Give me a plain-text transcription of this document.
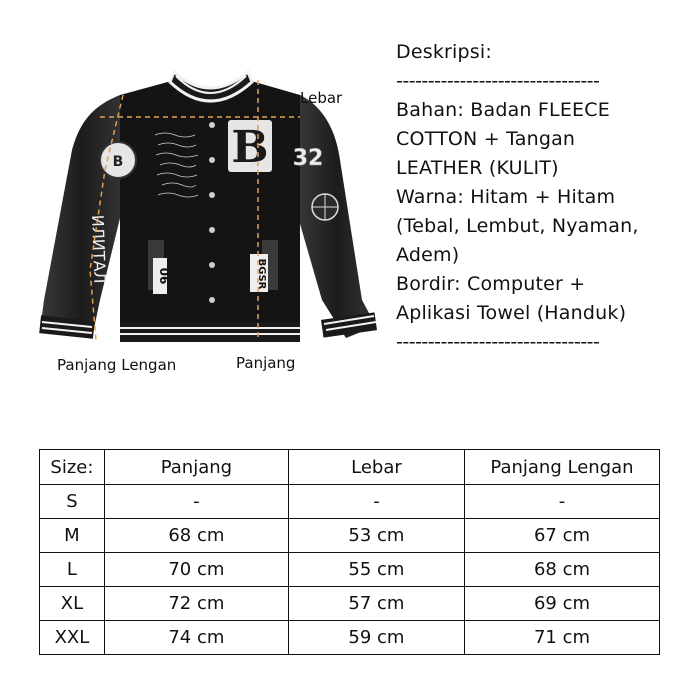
B 32
B
ИЛИТАЛ	06	BGSR
Lebar
Panjang Lengan	Panjang
Deskripsi:
--------------------------------
Bahan: Badan FLEECE
COTTON + Tangan
LEATHER (KULIT)
Warna: Hitam + Hitam
(Tebal, Lembut, Nyaman,
Adem)
Bordir: Computer +
Aplikasi Towel (Handuk)
--------------------------------
Size:	Panjang	Lebar	Panjang Lengan
S	-	-	-
M	68 cm	53 cm	67 cm
L	70 cm	55 cm	68 cm
XL	72 cm	57 cm	69 cm
XXL	74 cm	59 cm	71 cm
